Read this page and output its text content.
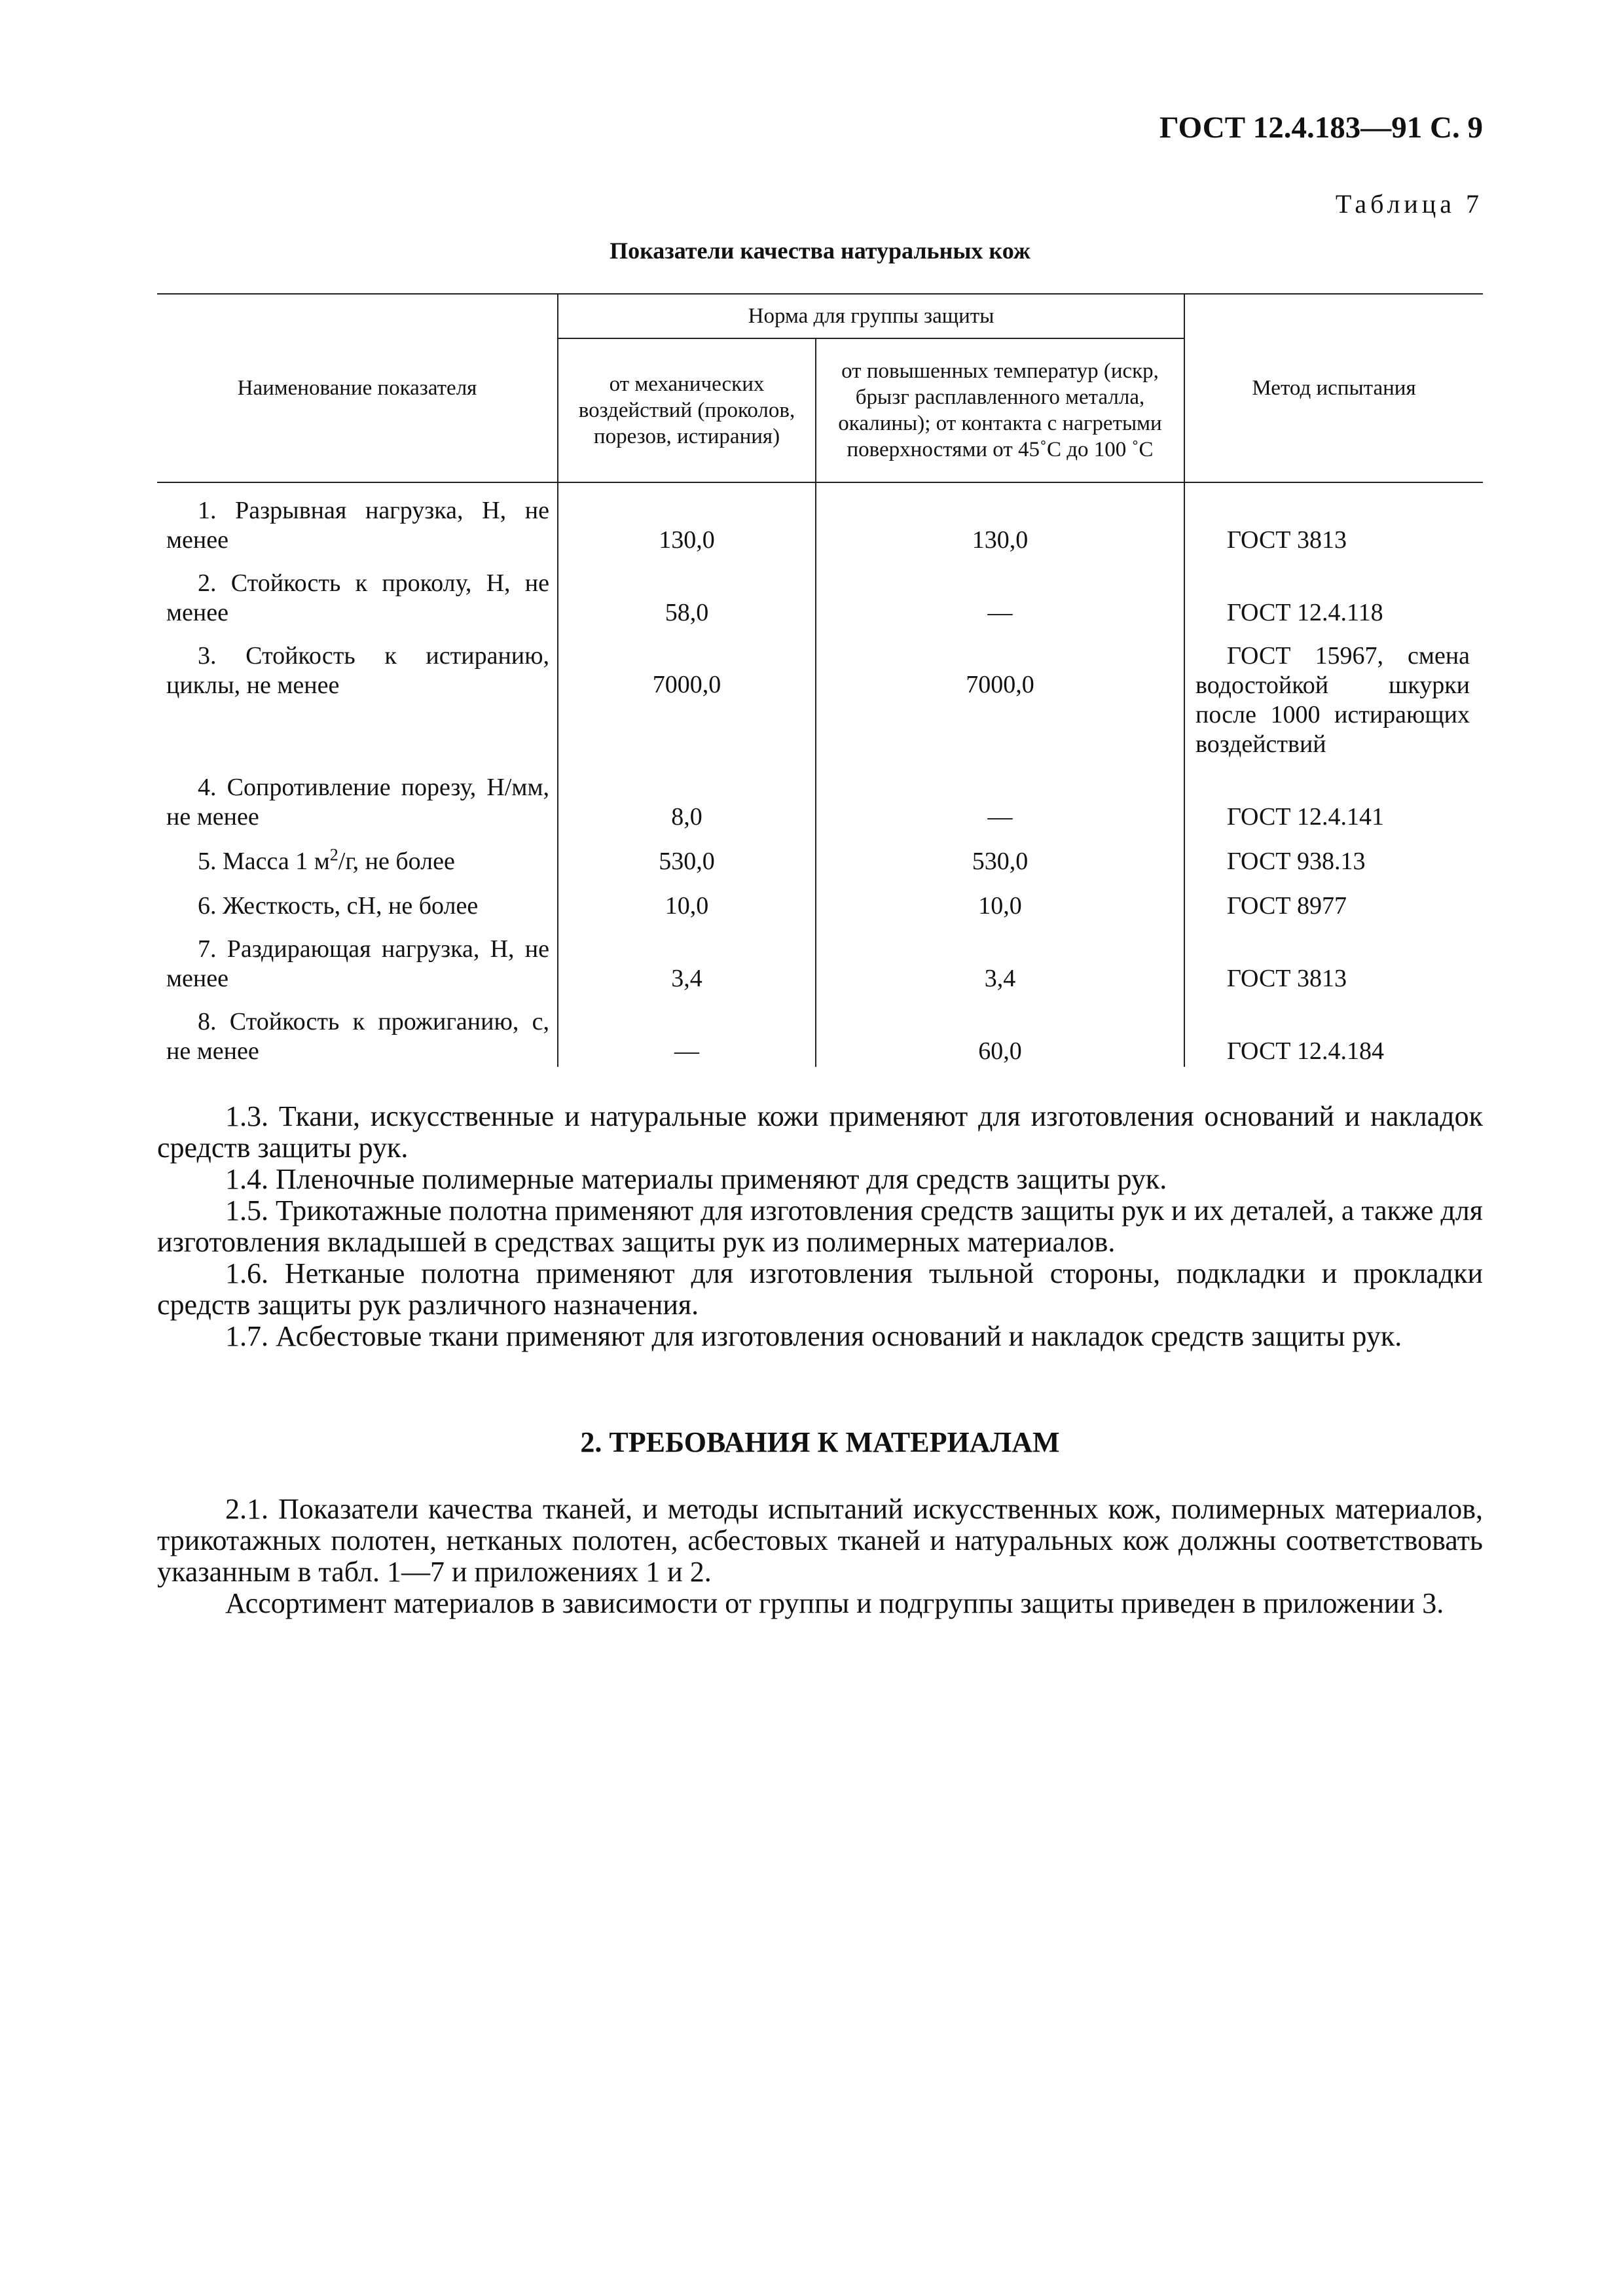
ГОСТ 12.4.183—91 С. 9
Таблица 7
Показатели качества натуральных кож
Наименование показателя	Норма для группы защиты		Метод испытания
	от механических воздействий (проколов, порезов, истирания)	от повышенных температур (искр, брызг расплавленного металла, окалины); от контакта с нагретыми поверхностями от 45˚С до 100 ˚С	
1. Разрывная нагрузка, Н, не менее	130,0	130,0	ГОСТ 3813
2. Стойкость к проколу, Н, не менее	58,0	—	ГОСТ 12.4.118
3. Стойкость к истиранию, циклы, не менее	7000,0	7000,0	ГОСТ 15967, смена водостойкой шкурки после 1000 истирающих воздействий
4. Сопротивление порезу, Н/мм, не менее	8,0	—	ГОСТ 12.4.141
5. Масса 1 $м^2/г$, не более	530,0	530,0	ГОСТ 938.13
6. Жесткость, сН, не более	10,0	10,0	ГОСТ 8977
7. Раздирающая нагрузка, Н, не менее	3,4	3,4	ГОСТ 3813
8. Стойкость к прожиганию, с, не менее	—	60,0	ГОСТ 12.4.184

1.3. Ткани, искусственные и натуральные кожи применяют для изготовления оснований и накладок средств защиты рук.

1.4. Пленочные полимерные материалы применяют для средств защиты рук.

1.5. Трикотажные полотна применяют для изготовления средств защиты рук и их деталей, а также для изготовления вкладышей в средствах защиты рук из полимерных материалов.

1.6. Нетканые полотна применяют для изготовления тыльной стороны, подкладки и прокладки средств защиты рук различного назначения.

1.7. Асбестовые ткани применяют для изготовления оснований и накладок средств защиты рук.

2. ТРЕБОВАНИЯ К МАТЕРИАЛАМ

2.1. Показатели качества тканей, и методы испытаний искусственных кож, полимерных материалов, трикотажных полотен, нетканых полотен, асбестовых тканей и натуральных кож должны соответствовать указанным в табл. 1—7 и приложениях 1 и 2.

Ассортимент материалов в зависимости от группы и подгруппы защиты приведен в приложении 3.
